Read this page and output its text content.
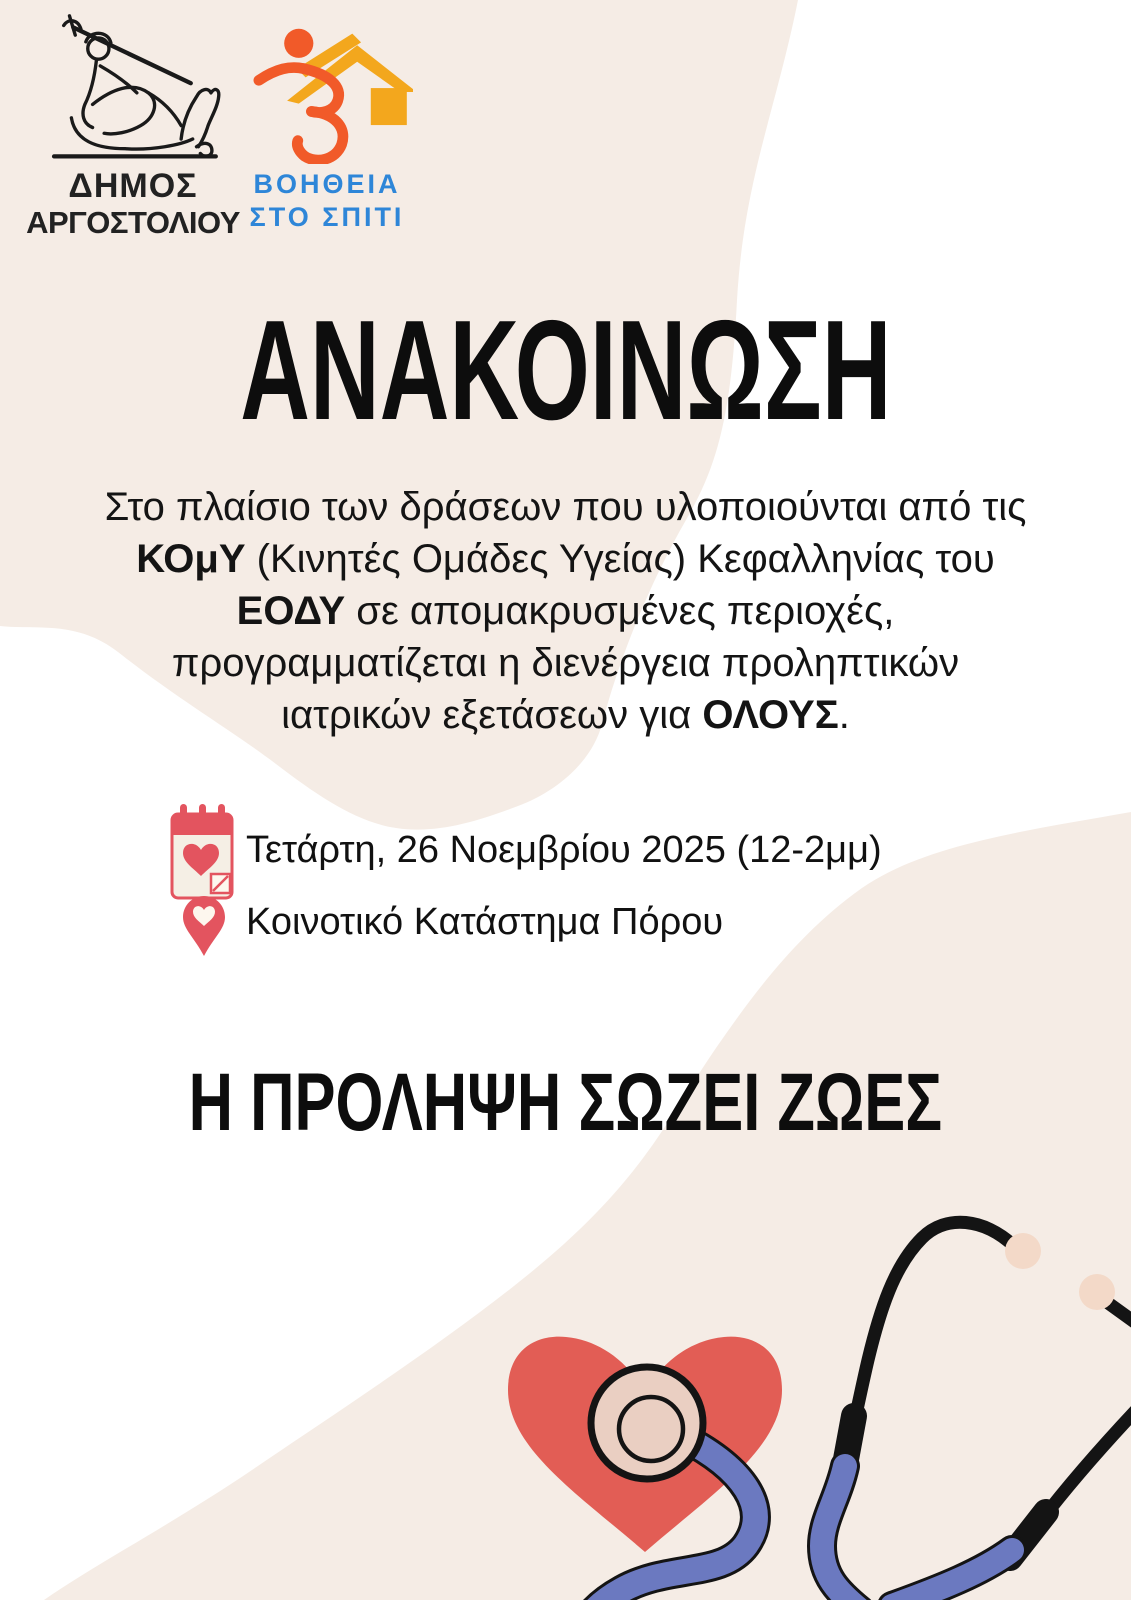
ΔΗΜΟΣ
ΑΡΓΟΣΤΟΛΙΟΥ
ΒΟΗΘΕΙΑ
ΣΤΟ ΣΠΙΤΙ
ΑΝΑΚΟΙΝΩΣΗ
Στο πλαίσιο των δράσεων που υλοποιούνται από τις
ΚΟμΥ (Κινητές Ομάδες Υγείας) Κεφαλληνίας του
ΕΟΔΥ σε απομακρυσμένες περιοχές,
προγραμματίζεται η διενέργεια προληπτικών
ιατρικών εξετάσεων για ΟΛΟΥΣ.
Τετάρτη, 26 Νοεμβρίου 2025 (12-2μμ)
Κοινοτικό Κατάστημα Πόρου
Η ΠΡΟΛΗΨΗ ΣΩΖΕΙ ΖΩΕΣ
